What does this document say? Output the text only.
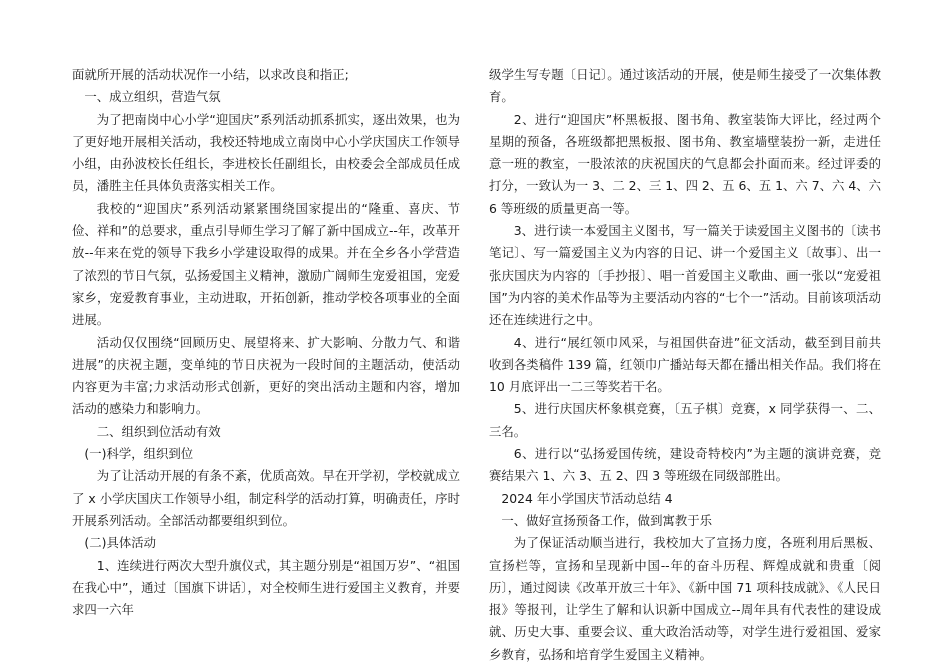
面就所开展的活动状况作一小结，以求改良和指正;

一、成立组织，营造气氛

为了把南岗中心小学“迎国庆”系列活动抓系抓实，逐出效果，也为了更好地开展相关活动，我校还特地成立南岗中心小学庆国庆工作领导小组，由孙波校长任组长，李进校长任副组长，由校委会全部成员任成员，潘胜主任具体负责落实相关工作。

我校的“迎国庆”系列活动紧紧围绕国家提出的“隆重、喜庆、节俭、祥和”的总要求，重点引导师生学习了解了新中国成立--年，改革开放--年来在党的领导下我乡小学建设取得的成果。并在全乡各小学营造了浓烈的节日气氛，弘扬爱国主义精神，激励广阔师生宠爱祖国，宠爱家乡，宠爱教育事业，主动进取，开拓创新，推动学校各项事业的全面进展。

活动仅仅围绕“回顾历史、展望将来、扩大影响、分散力气、和谐进展”的庆祝主题，变单纯的节日庆祝为一段时间的主题活动，使活动内容更为丰富;力求活动形式创新，更好的突出活动主题和内容，增加活动的感染力和影响力。

二、组织到位活动有效

(一)科学，组织到位

为了让活动开展的有条不紊，优质高效。早在开学初，学校就成立了 x 小学庆国庆工作领导小组，制定科学的活动打算，明确责任，序时开展系列活动。全部活动都要组织到位。

(二)具体活动

1、连续进行两次大型升旗仪式，其主题分别是“祖国万岁”、“祖国在我心中”，通过〔国旗下讲话〕，对全校师生进行爱国主义教育，并要求四一六年

级学生写专题〔日记〕。通过该活动的开展，使是师生接受了一次集体教育。

2、进行“迎国庆”杯黑板报、图书角、教室装饰大评比，经过两个星期的预备，各班级都把黑板报、图书角、教室墙壁装扮一新，走进任意一班的教室，一股浓浓的庆祝国庆的气息都会扑面而来。经过评委的打分，一致认为一 3、二 2、三 1、四 2、五 6、五 1、六 7、六 4、六 6 等班级的质量更高一等。

3、进行读一本爱国主义图书，写一篇关于读爱国主义图书的〔读书笔记〕、写一篇爱国主义为内容的日记、讲一个爱国主义〔故事〕、出一张庆国庆为内容的〔手抄报〕、唱一首爱国主义歌曲、画一张以“宠爱祖国”为内容的美术作品等为主要活动内容的“七个一”活动。目前该项活动还在连续进行之中。

4、进行“展红领巾风采，与祖国供奋进”征文活动，截至到目前共收到各类稿件 139 篇，红领巾广播站每天都在播出相关作品。我们将在 10 月底评出一二三等奖若干名。

5、进行庆国庆杯象棋竞赛，〔五子棋〕竞赛，x 同学获得一、二、三名。

6、进行以“弘扬爱国传统，建设奇特校内”为主题的演讲竞赛，竞赛结果六 1、六 3、五 2、四 3 等班级在同级部胜出。

2024 年小学国庆节活动总结 4

一、做好宣扬预备工作，做到寓教于乐

为了保证活动顺当进行，我校加大了宣扬力度，各班利用后黑板、宣扬栏等，宣扬和呈现新中国--年的奋斗历程、辉煌成就和贵重〔阅历〕，通过阅读《改革开放三十年》、《新中国 71 项科技成就》、《人民日报》等报刊，让学生了解和认识新中国成立--周年具有代表性的建设成就、历史大事、重要会议、重大政治活动等，对学生进行爱祖国、爱家乡教育，弘扬和培育学生爱国主义精神。
